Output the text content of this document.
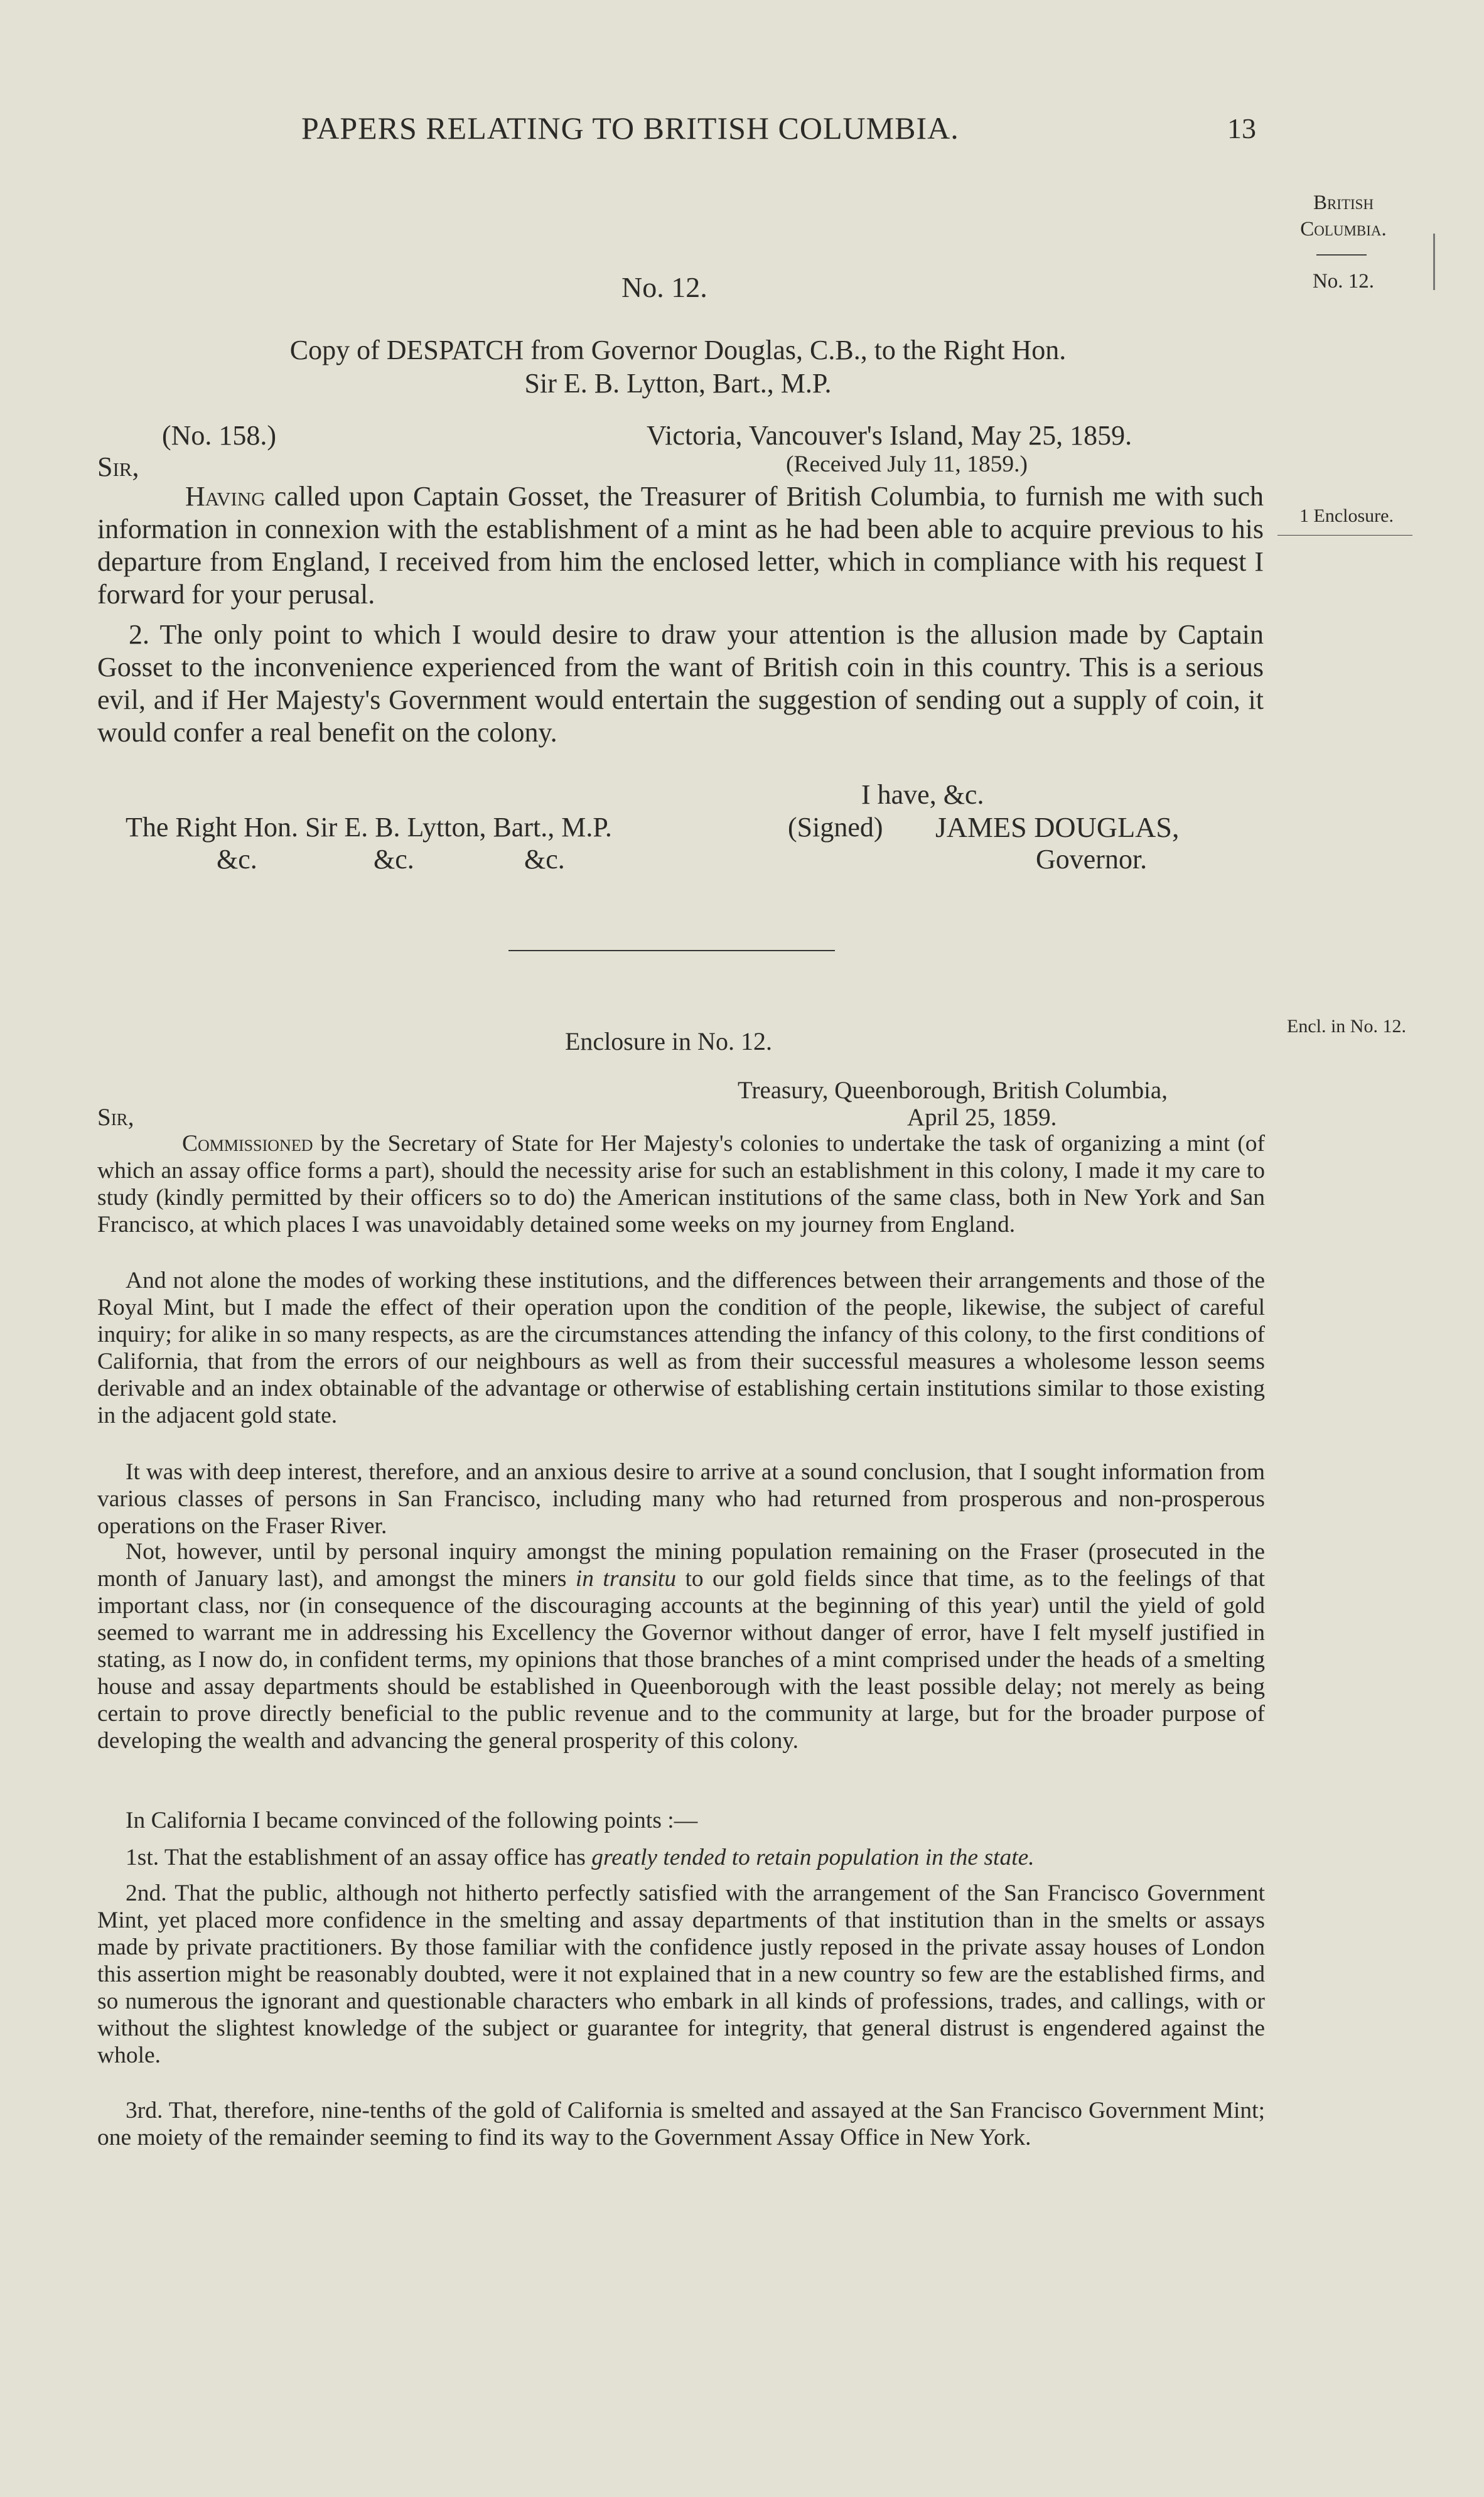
PAPERS RELATING TO BRITISH COLUMBIA.	13
British
Columbia.
No. 12.
1 Enclosure.
Encl. in No. 12.
No. 12.
Copy of DESPATCH from Governor Douglas, C.B., to the Right Hon.
Sir E. B. Lytton, Bart., M.P.
(No. 158.)	Victoria, Vancouver's Island, May 25, 1859.
(Received July 11, 1859.)
Sir,

Having called upon Captain Gosset, the Treasurer of British Columbia, to furnish me with such information in connexion with the establishment of a mint as he had been able to acquire previous to his departure from England, I received from him the enclosed letter, which in compliance with his request I forward for your perusal.

2. The only point to which I would desire to draw your attention is the allusion made by Captain Gosset to the inconvenience experienced from the want of British coin in this country. This is a serious evil, and if Her Majesty's Government would entertain the suggestion of sending out a supply of coin, it would confer a real benefit on the colony.

I have, &c.
The Right Hon. Sir E. B. Lytton, Bart., M.P.	(Signed) JAMES DOUGLAS,
&c.	&c.	&c.	Governor.
Enclosure in No. 12.
Treasury, Queenborough, British Columbia,
April 25, 1859.
Sir,

Commissioned by the Secretary of State for Her Majesty's colonies to undertake the task of organizing a mint (of which an assay office forms a part), should the necessity arise for such an establishment in this colony, I made it my care to study (kindly permitted by their officers so to do) the American institutions of the same class, both in New York and San Francisco, at which places I was unavoidably detained some weeks on my journey from England.

And not alone the modes of working these institutions, and the differences between their arrangements and those of the Royal Mint, but I made the effect of their operation upon the condition of the people, likewise, the subject of careful inquiry; for alike in so many respects, as are the circumstances attending the infancy of this colony, to the first conditions of California, that from the errors of our neighbours as well as from their successful measures a wholesome lesson seems derivable and an index obtainable of the advantage or otherwise of establishing certain institutions similar to those existing in the adjacent gold state.

It was with deep interest, therefore, and an anxious desire to arrive at a sound conclusion, that I sought information from various classes of persons in San Francisco, including many who had returned from prosperous and non-prosperous operations on the Fraser River.

Not, however, until by personal inquiry amongst the mining population remaining on the Fraser (prosecuted in the month of January last), and amongst the miners in transitu to our gold fields since that time, as to the feelings of that important class, nor (in consequence of the discouraging accounts at the beginning of this year) until the yield of gold seemed to warrant me in addressing his Excellency the Governor without danger of error, have I felt myself justified in stating, as I now do, in confident terms, my opinions that those branches of a mint comprised under the heads of a smelting house and assay departments should be established in Queenborough with the least possible delay; not merely as being certain to prove directly beneficial to the public revenue and to the community at large, but for the broader purpose of developing the wealth and advancing the general prosperity of this colony.

In California I became convinced of the following points :—

1st. That the establishment of an assay office has greatly tended to retain population in the state.

2nd. That the public, although not hitherto perfectly satisfied with the arrangement of the San Francisco Government Mint, yet placed more confidence in the smelting and assay departments of that institution than in the smelts or assays made by private practitioners. By those familiar with the confidence justly reposed in the private assay houses of London this assertion might be reasonably doubted, were it not explained that in a new country so few are the established firms, and so numerous the ignorant and questionable characters who embark in all kinds of professions, trades, and callings, with or without the slightest knowledge of the subject or guarantee for integrity, that general distrust is engendered against the whole.

3rd. That, therefore, nine-tenths of the gold of California is smelted and assayed at the San Francisco Government Mint; one moiety of the remainder seeming to find its way to the Government Assay Office in New York.
